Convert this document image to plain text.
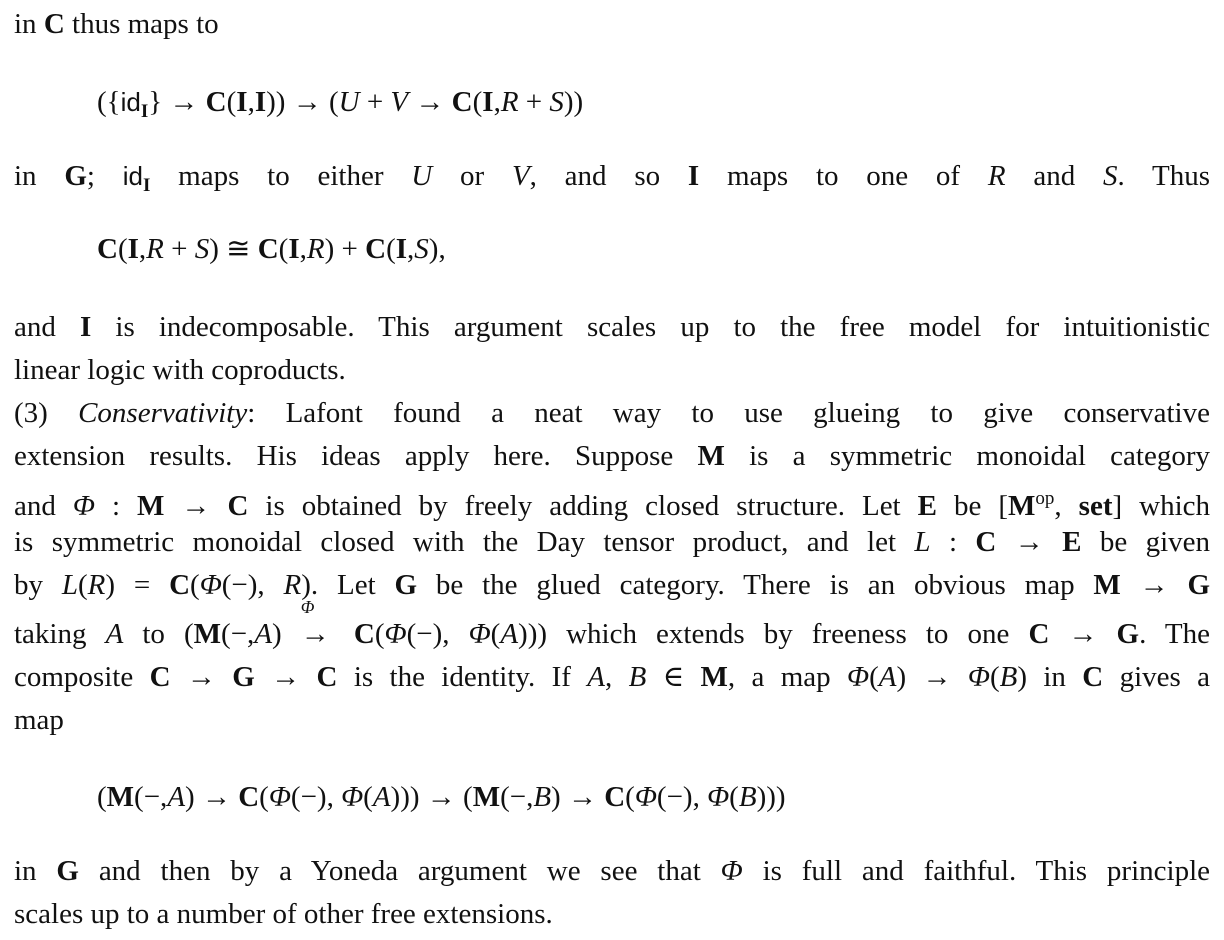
in C thus maps to
$(\{id_I\} \to C(I,I)) \to (U + V \to C(I,R + S))$
in G; $id_I$ maps to either U or V, and so I maps to one of R and S. Thus
C(I,R + S) ≅ C(I,R) + C(I,S),
and I is indecomposable. This argument scales up to the free model for intuitionistic
linear logic with coproducts.
(3) Conservativity: Lafont found a neat way to use glueing to give conservative
extension results. His ideas apply here. Suppose M is a symmetric monoidal category
and Φ : M → C is obtained by freely adding closed structure. Let E be [$M^{op}$, set] which
is symmetric monoidal closed with the Day tensor product, and let L : C → E be given
by L(R) = C(Φ(−), R). Let G be the glued category. There is an obvious map M → G
taking A to (M(−,A)
Φ
→ C(Φ(−), Φ(A))) which extends by freeness to one C → G. The
composite C → G → C is the identity. If A, B ∈ M, a map Φ(A) → Φ(B) in C gives a
map
(M(−,A) → C(Φ(−), Φ(A))) → (M(−,B) → C(Φ(−), Φ(B)))
in G and then by a Yoneda argument we see that Φ is full and faithful. This principle
scales up to a number of other free extensions.
